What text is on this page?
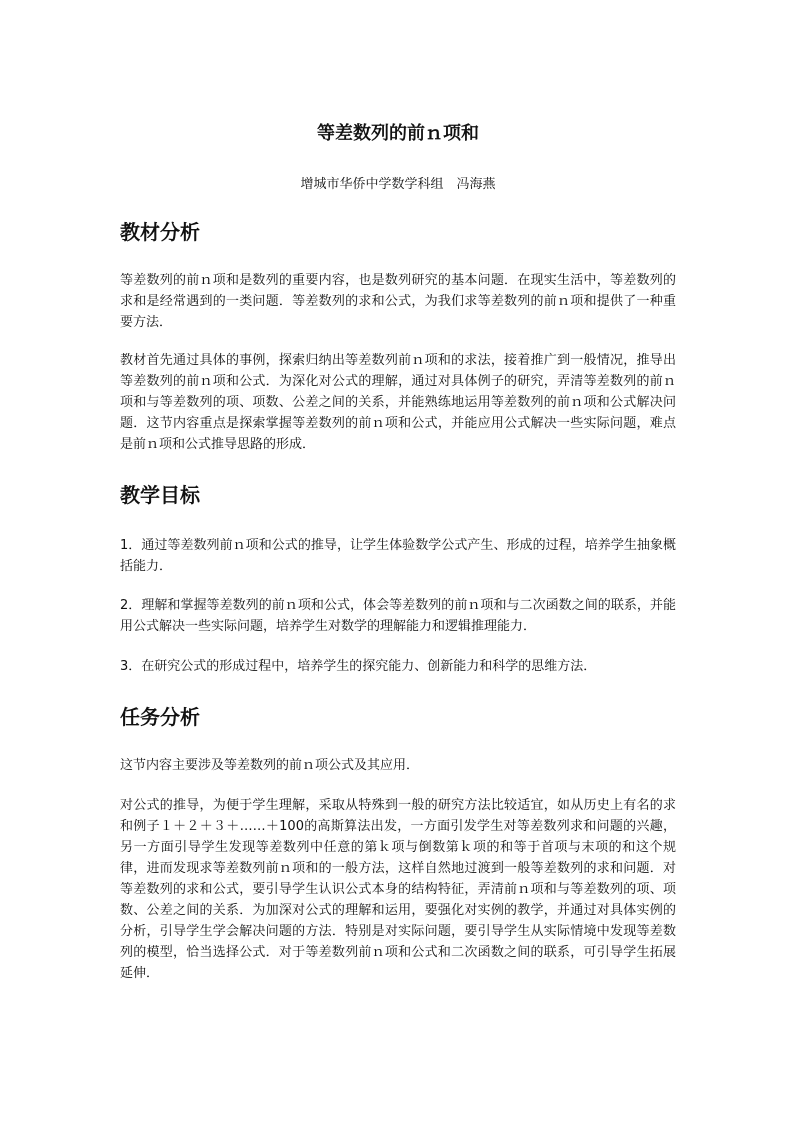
等差数列的前ｎ项和

增城市华侨中学数学科组　冯海燕

教材分析

等差数列的前ｎ项和是数列的重要内容，也是数列研究的基本问题．在现实生活中，等差数列的求和是经常遇到的一类问题．等差数列的求和公式，为我们求等差数列的前ｎ项和提供了一种重要方法．

教材首先通过具体的事例，探索归纳出等差数列前ｎ项和的求法，接着推广到一般情况，推导出等差数列的前ｎ项和公式．为深化对公式的理解，通过对具体例子的研究，弄清等差数列的前ｎ项和与等差数列的项、项数、公差之间的关系，并能熟练地运用等差数列的前ｎ项和公式解决问题．这节内容重点是探索掌握等差数列的前ｎ项和公式，并能应用公式解决一些实际问题，难点是前ｎ项和公式推导思路的形成．

教学目标

1．通过等差数列前ｎ项和公式的推导，让学生体验数学公式产生、形成的过程，培养学生抽象概括能力．

2．理解和掌握等差数列的前ｎ项和公式，体会等差数列的前ｎ项和与二次函数之间的联系，并能用公式解决一些实际问题，培养学生对数学的理解能力和逻辑推理能力．

3．在研究公式的形成过程中，培养学生的探究能力、创新能力和科学的思维方法．

任务分析

这节内容主要涉及等差数列的前ｎ项公式及其应用．

对公式的推导，为便于学生理解，采取从特殊到一般的研究方法比较适宜，如从历史上有名的求和例子１＋２＋３＋……＋100的高斯算法出发，一方面引发学生对等差数列求和问题的兴趣，另一方面引导学生发现等差数列中任意的第ｋ项与倒数第ｋ项的和等于首项与末项的和这个规律，进而发现求等差数列前ｎ项和的一般方法，这样自然地过渡到一般等差数列的求和问题．对等差数列的求和公式，要引导学生认识公式本身的结构特征，弄清前ｎ项和与等差数列的项、项数、公差之间的关系．为加深对公式的理解和运用，要强化对实例的教学，并通过对具体实例的分析，引导学生学会解决问题的方法．特别是对实际问题，要引导学生从实际情境中发现等差数列的模型，恰当选择公式．对于等差数列前ｎ项和公式和二次函数之间的联系，可引导学生拓展延伸．
